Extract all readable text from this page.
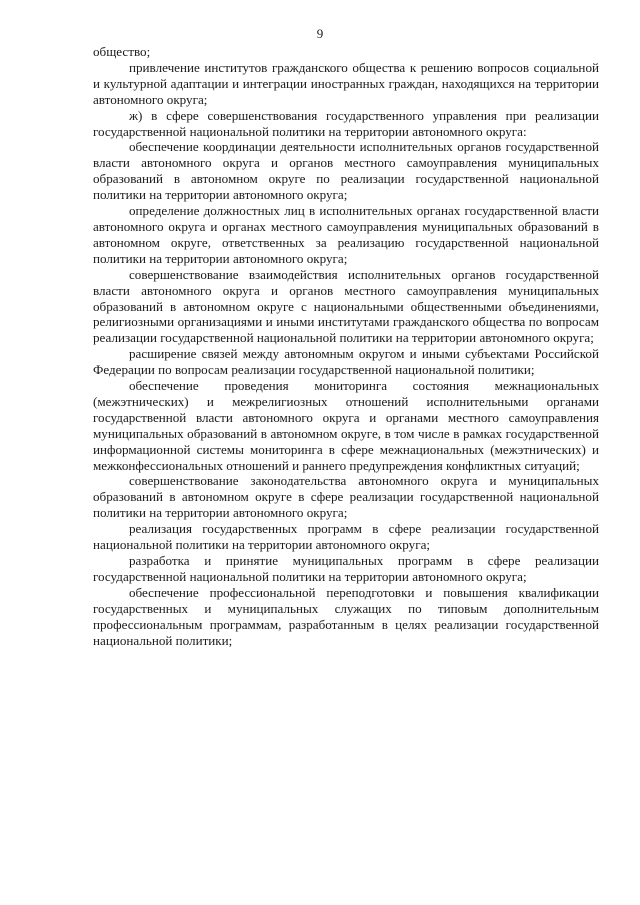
9

общество;

привлечение институтов гражданского общества к решению вопросов социальной и культурной адаптации и интеграции иностранных граждан, находящихся на территории автономного округа;

ж) в сфере совершенствования государственного управления при реализации государственной национальной политики на территории автономного округа:

обеспечение координации деятельности исполнительных органов государственной власти автономного округа и органов местного самоуправления муниципальных образований в автономном округе по реализации государственной национальной политики на территории автономного округа;

определение должностных лиц в исполнительных органах государственной власти автономного округа и органах местного самоуправления муниципальных образований в автономном округе, ответственных за реализацию государственной национальной политики на территории автономного округа;

совершенствование взаимодействия исполнительных органов государственной власти автономного округа и органов местного самоуправления муниципальных образований в автономном округе с национальными общественными объединениями, религиозными организациями и иными институтами гражданского общества по вопросам реализации государственной национальной политики на территории автономного округа;

расширение связей между автономным округом и иными субъектами Российской Федерации по вопросам реализации государственной национальной политики;

обеспечение проведения мониторинга состояния межнациональных (межэтнических) и межрелигиозных отношений исполнительными органами государственной власти автономного округа и органами местного самоуправления муниципальных образований в автономном округе, в том числе в рамках государственной информационной системы мониторинга в сфере межнациональных (межэтнических) и межконфессиональных отношений и раннего предупреждения конфликтных ситуаций;

совершенствование законодательства автономного округа и муниципальных образований в автономном округе в сфере реализации государственной национальной политики на территории автономного округа;

реализация государственных программ в сфере реализации государственной национальной политики на территории автономного округа;

разработка и принятие муниципальных программ в сфере реализации государственной национальной политики на территории автономного округа;

обеспечение профессиональной переподготовки и повышения квалификации государственных и муниципальных служащих по типовым дополнительным профессиональным программам, разработанным в целях реализации государственной национальной политики;
